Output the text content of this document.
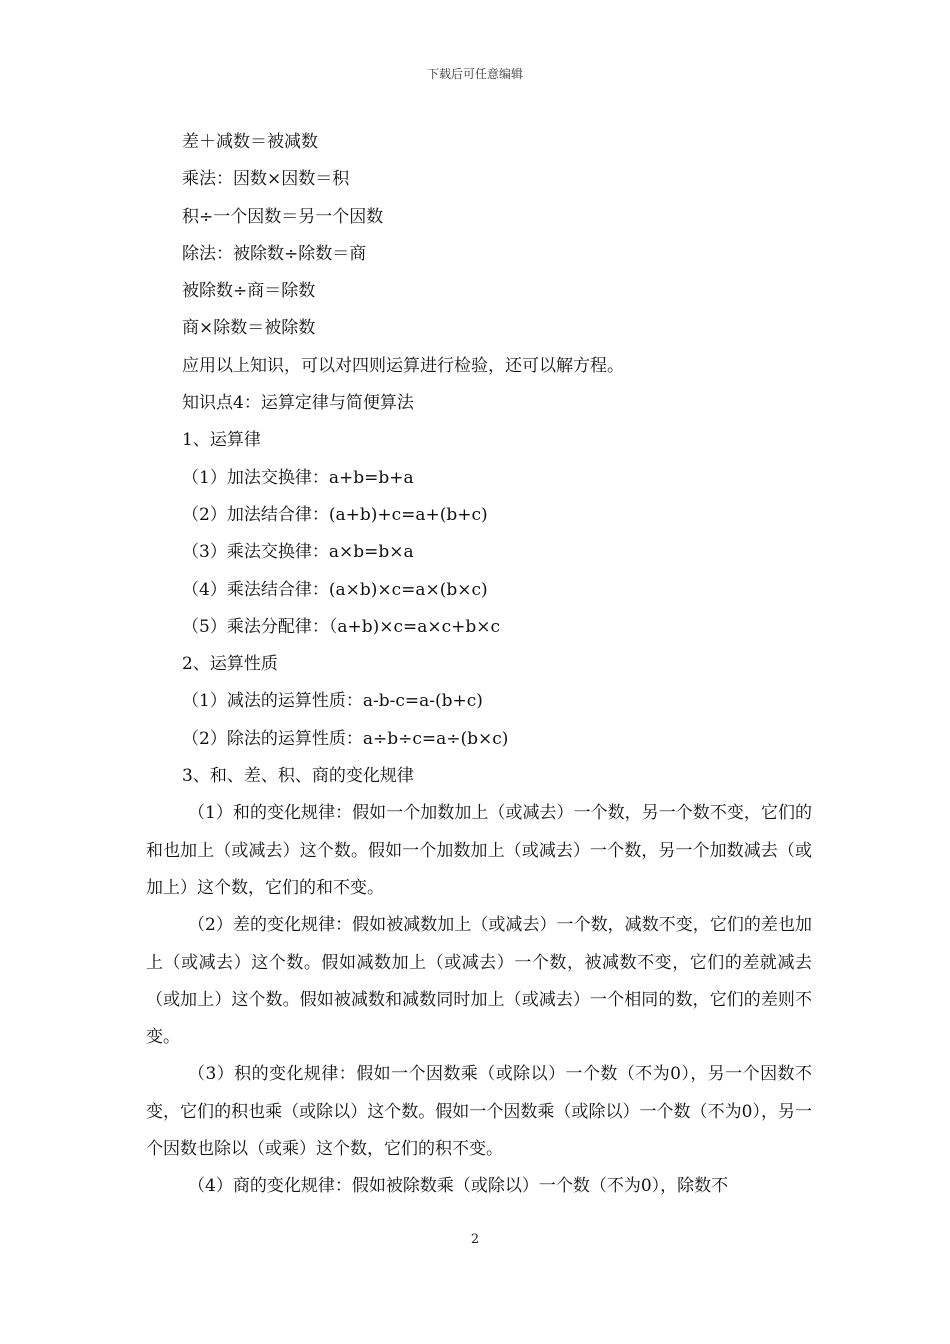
下载后可任意编辑
差＋减数＝被减数
乘法：因数×因数＝积
积÷一个因数＝另一个因数
除法：被除数÷除数＝商
被除数÷商＝除数
商×除数＝被除数
应用以上知识，可以对四则运算进行检验，还可以解方程。
知识点4：运算定律与简便算法
1、运算律
（1）加法交换律：a+b=b+a
（2）加法结合律：(a+b)+c=a+(b+c)
（3）乘法交换律：a×b=b×a
（4）乘法结合律：(a×b)×c=a×(b×c)
（5）乘法分配律：（a+b)×c=a×c+b×c
2、运算性质
（1）减法的运算性质：a-b-c=a-(b+c)
（2）除法的运算性质：a÷b÷c=a÷(b×c)
3、和、差、积、商的变化规律

（1）和的变化规律：假如一个加数加上（或减去）一个数，另一个数不变，它们的和也加上（或减去）这个数。假如一个加数加上（或减去）一个数，另一个加数减去（或加上）这个数，它们的和不变。

（2）差的变化规律：假如被减数加上（或减去）一个数，减数不变，它们的差也加上（或减去）这个数。假如减数加上（或减去）一个数，被减数不变，它们的差就减去（或加上）这个数。假如被减数和减数同时加上（或减去）一个相同的数，它们的差则不变。

（3）积的变化规律：假如一个因数乘（或除以）一个数（不为0），另一个因数不变，它们的积也乘（或除以）这个数。假如一个因数乘（或除以）一个数（不为0），另一个因数也除以（或乘）这个数，它们的积不变。

（4）商的变化规律：假如被除数乘（或除以）一个数（不为0），除数不

2
